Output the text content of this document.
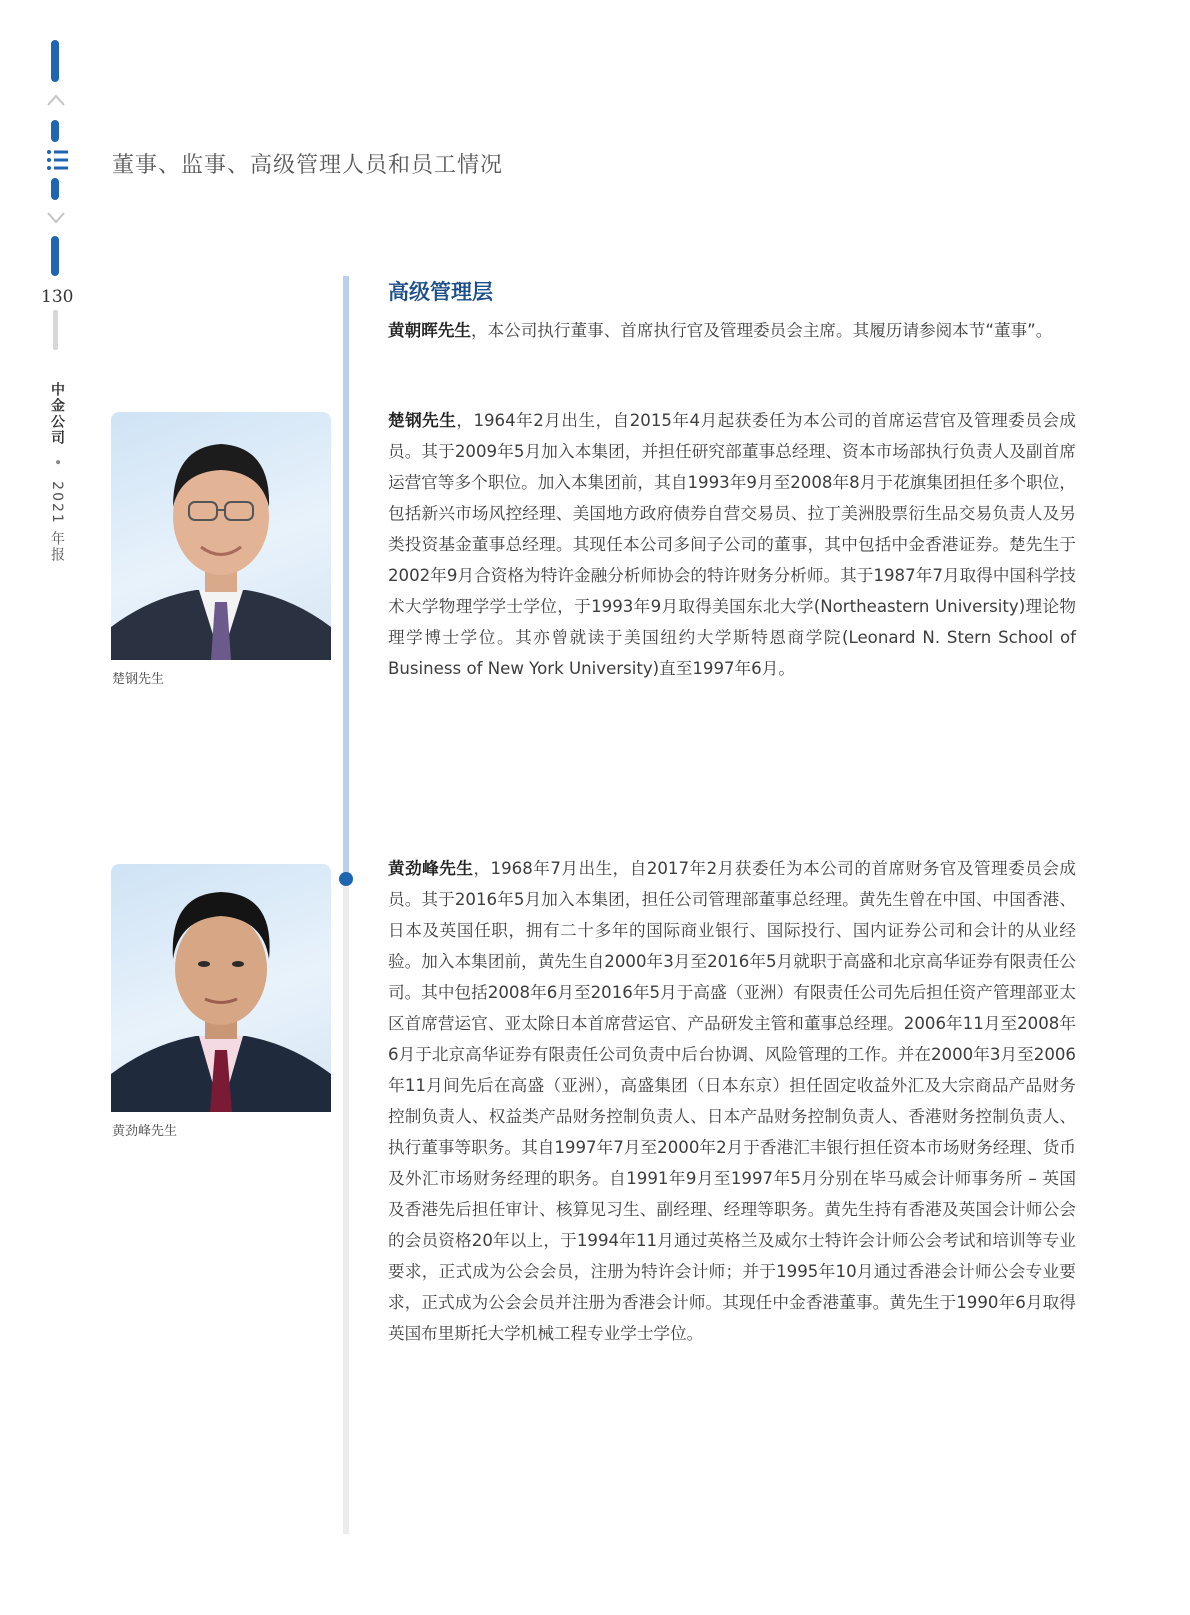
130
中金公司 • 2021 年报
董事、监事、高级管理人员和员工情况
楚钢先生
黄劲峰先生
高级管理层

黄朝晖先生，本公司执行董事、首席执行官及管理委员会主席。其履历请参阅本节“董事”。

楚钢先生，1964年2月出生，自2015年4月起获委任为本公司的首席运营官及管理委员会成员。其于2009年5月加入本集团，并担任研究部董事总经理、资本市场部执行负责人及副首席运营官等多个职位。加入本集团前，其自1993年9月至2008年8月于花旗集团担任多个职位，包括新兴市场风控经理、美国地方政府债券自营交易员、拉丁美洲股票衍生品交易负责人及另类投资基金董事总经理。其现任本公司多间子公司的董事，其中包括中金香港证券。楚先生于2002年9月合资格为特许金融分析师协会的特许财务分析师。其于1987年7月取得中国科学技术大学物理学学士学位，于1993年9月取得美国东北大学(Northeastern University)理论物理学博士学位。其亦曾就读于美国纽约大学斯特恩商学院(Leonard N. Stern School of Business of New York University)直至1997年6月。

黄劲峰先生，1968年7月出生，自2017年2月获委任为本公司的首席财务官及管理委员会成员。其于2016年5月加入本集团，担任公司管理部董事总经理。黄先生曾在中国、中国香港、日本及英国任职，拥有二十多年的国际商业银行、国际投行、国内证券公司和会计的从业经验。加入本集团前，黄先生自2000年3月至2016年5月就职于高盛和北京高华证券有限责任公司。其中包括2008年6月至2016年5月于高盛（亚洲）有限责任公司先后担任资产管理部亚太区首席营运官、亚太除日本首席营运官、产品研发主管和董事总经理。2006年11月至2008年6月于北京高华证券有限责任公司负责中后台协调、风险管理的工作。并在2000年3月至2006年11月间先后在高盛（亚洲），高盛集团（日本东京）担任固定收益外汇及大宗商品产品财务控制负责人、权益类产品财务控制负责人、日本产品财务控制负责人、香港财务控制负责人、执行董事等职务。其自1997年7月至2000年2月于香港汇丰银行担任资本市场财务经理、货币及外汇市场财务经理的职务。自1991年9月至1997年5月分别在毕马威会计师事务所 – 英国及香港先后担任审计、核算见习生、副经理、经理等职务。黄先生持有香港及英国会计师公会的会员资格20年以上，于1994年11月通过英格兰及威尔士特许会计师公会考试和培训等专业要求，正式成为公会会员，注册为特许会计师；并于1995年10月通过香港会计师公会专业要求，正式成为公会会员并注册为香港会计师。其现任中金香港董事。黄先生于1990年6月取得英国布里斯托大学机械工程专业学士学位。
